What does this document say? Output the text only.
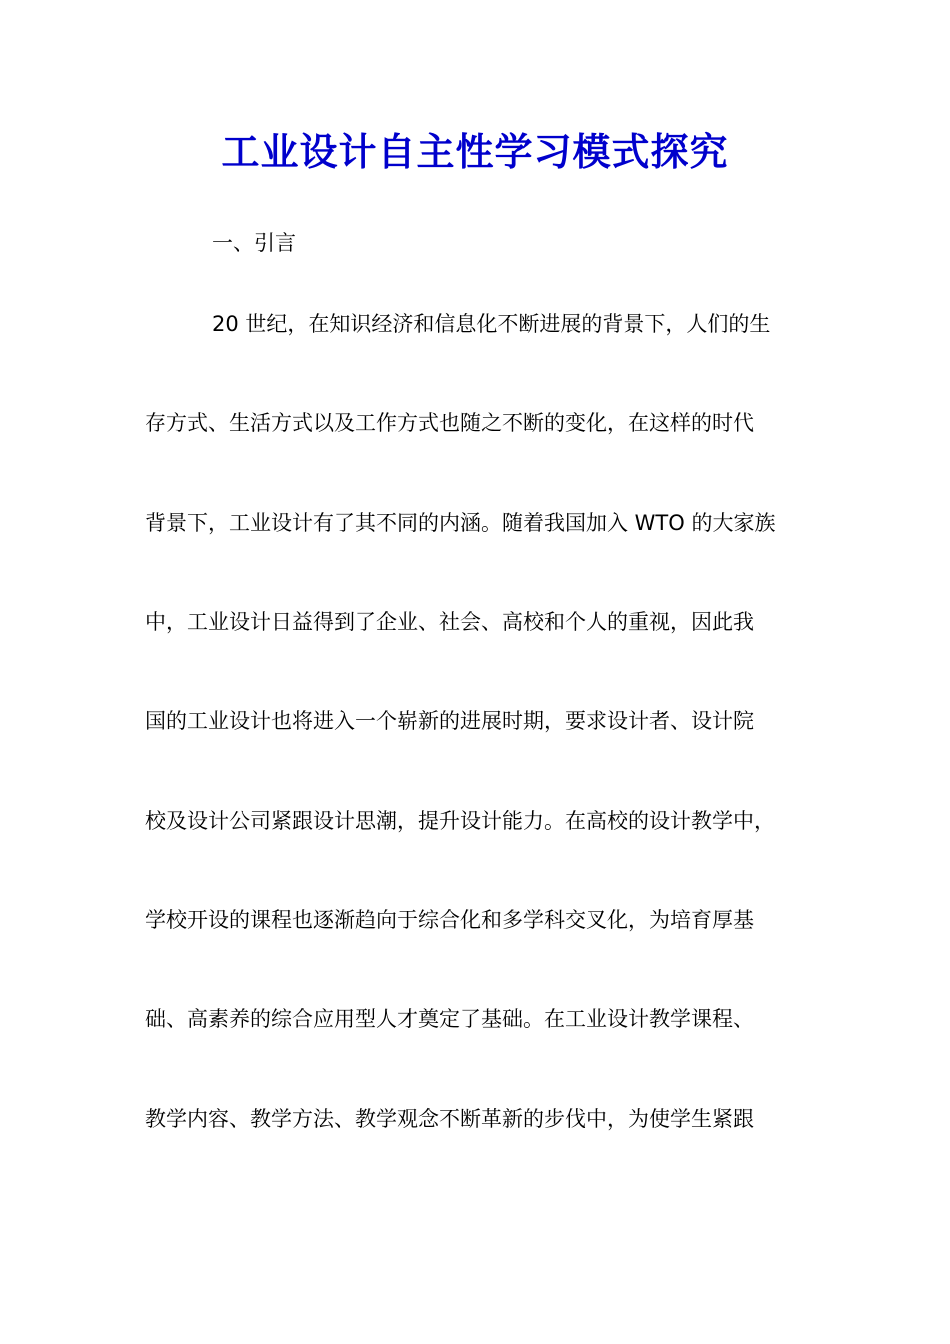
工业设计自主性学习模式探究
一、引言
20 世纪，在知识经济和信息化不断进展的背景下，人们的生
存方式、生活方式以及工作方式也随之不断的变化，在这样的时代
背景下，工业设计有了其不同的内涵。随着我国加入 WTO 的大家族
中，工业设计日益得到了企业、社会、高校和个人的重视，因此我
国的工业设计也将进入一个崭新的进展时期，要求设计者、设计院
校及设计公司紧跟设计思潮，提升设计能力。在高校的设计教学中，
学校开设的课程也逐渐趋向于综合化和多学科交叉化，为培育厚基
础、高素养的综合应用型人才奠定了基础。在工业设计教学课程、
教学内容、教学方法、教学观念不断革新的步伐中，为使学生紧跟
